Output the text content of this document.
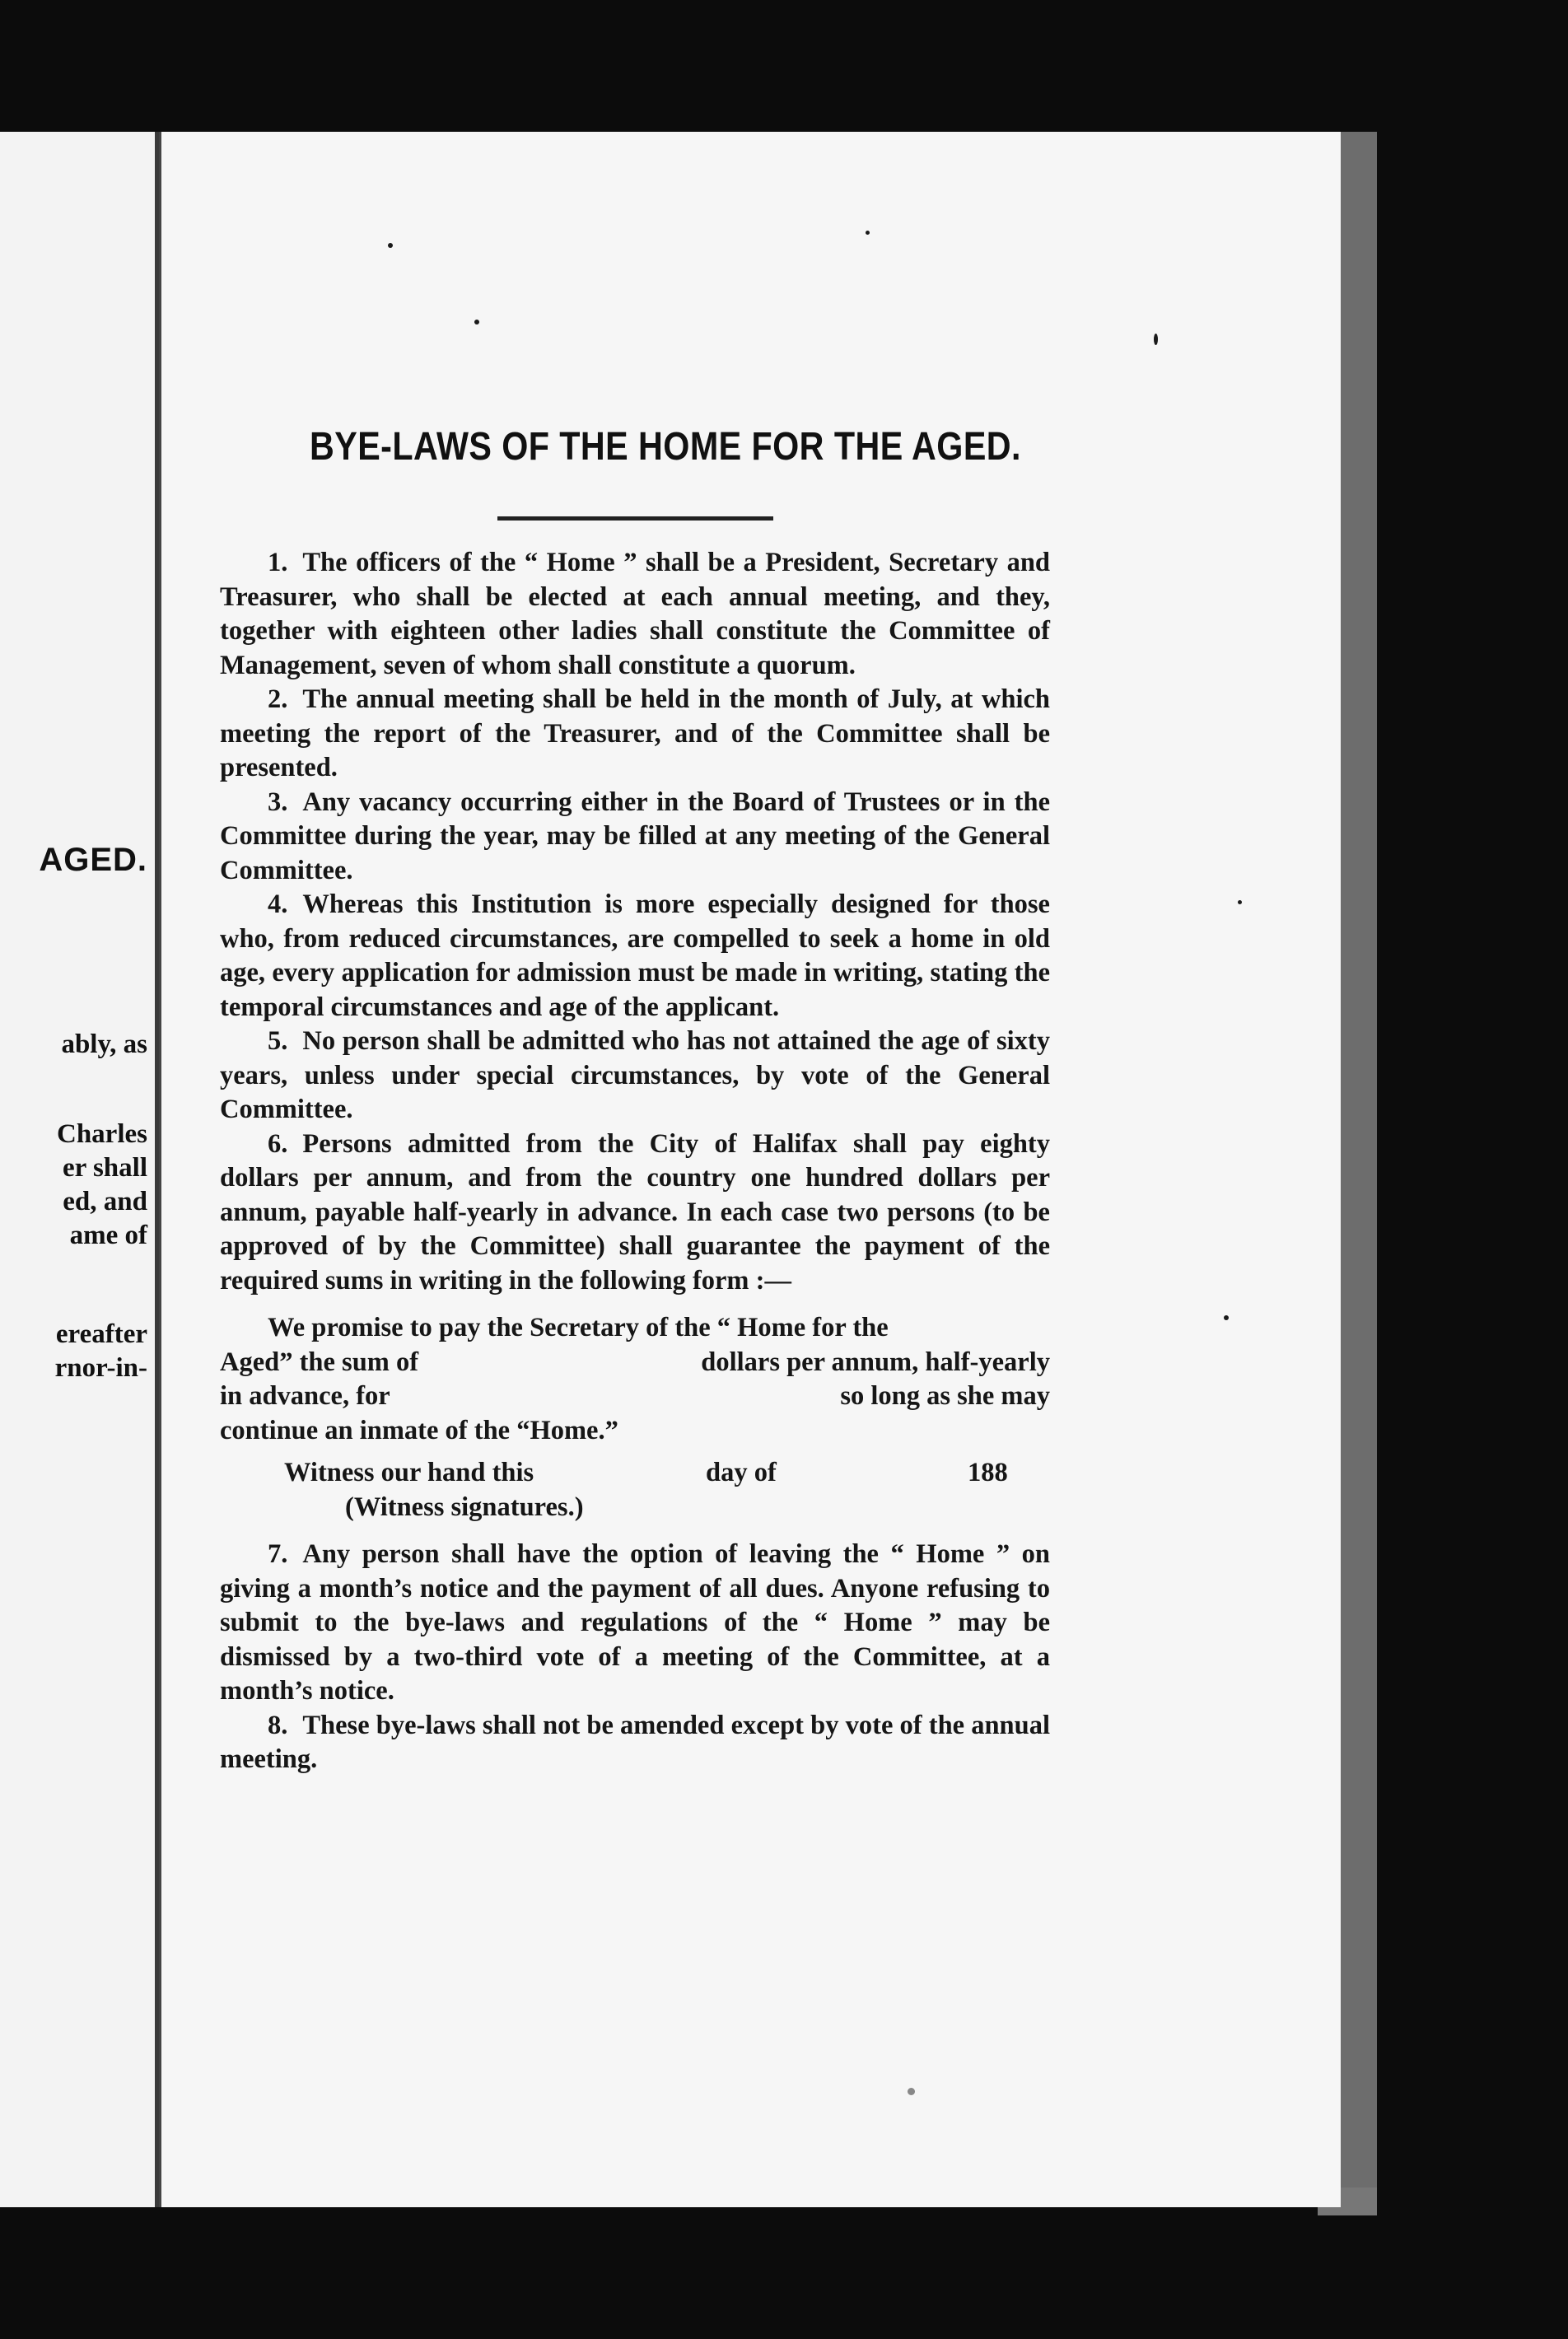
AGED.
ably, as
Charles
er shall
ed, and
ame of
ereafter
rnor-in-
BYE-LAWS OF THE HOME FOR THE AGED.

1. The officers of the “ Home ” shall be a President, Secretary and Treasurer, who shall be elected at each annual meeting, and they, together with eighteen other ladies shall constitute the Committee of Management, seven of whom shall constitute a quorum.

2. The annual meeting shall be held in the month of July, at which meeting the report of the Treasurer, and of the Committee shall be presented.

3. Any vacancy occurring either in the Board of Trustees or in the Committee during the year, may be filled at any meeting of the General Committee.

4. Whereas this Institution is more especially designed for those who, from reduced circumstances, are compelled to seek a home in old age, every application for admission must be made in writing, stating the temporal circumstances and age of the applicant.

5. No person shall be admitted who has not attained the age of sixty years, unless under special circumstances, by vote of the General Committee.

6. Persons admitted from the City of Halifax shall pay eighty dollars per annum, and from the country one hundred dollars per annum, payable half-yearly in advance. In each case two persons (to be approved of by the Committee) shall guarantee the payment of the required sums in writing in the following form :—

We promise to pay the Secretary of the “ Home for the

Aged” the sum of	dollars per annum, half-yearly
in advance, for	so long as she may
continue an inmate of the “Home.”
Witness our hand this	day of	188
(Witness signatures.)

7. Any person shall have the option of leaving the “ Home ” on giving a month’s notice and the payment of all dues. Anyone refusing to submit to the bye-laws and regulations of the “ Home ” may be dismissed by a two-third vote of a meeting of the Committee, at a month’s notice.

8. These bye-laws shall not be amended except by vote of the annual meeting.
